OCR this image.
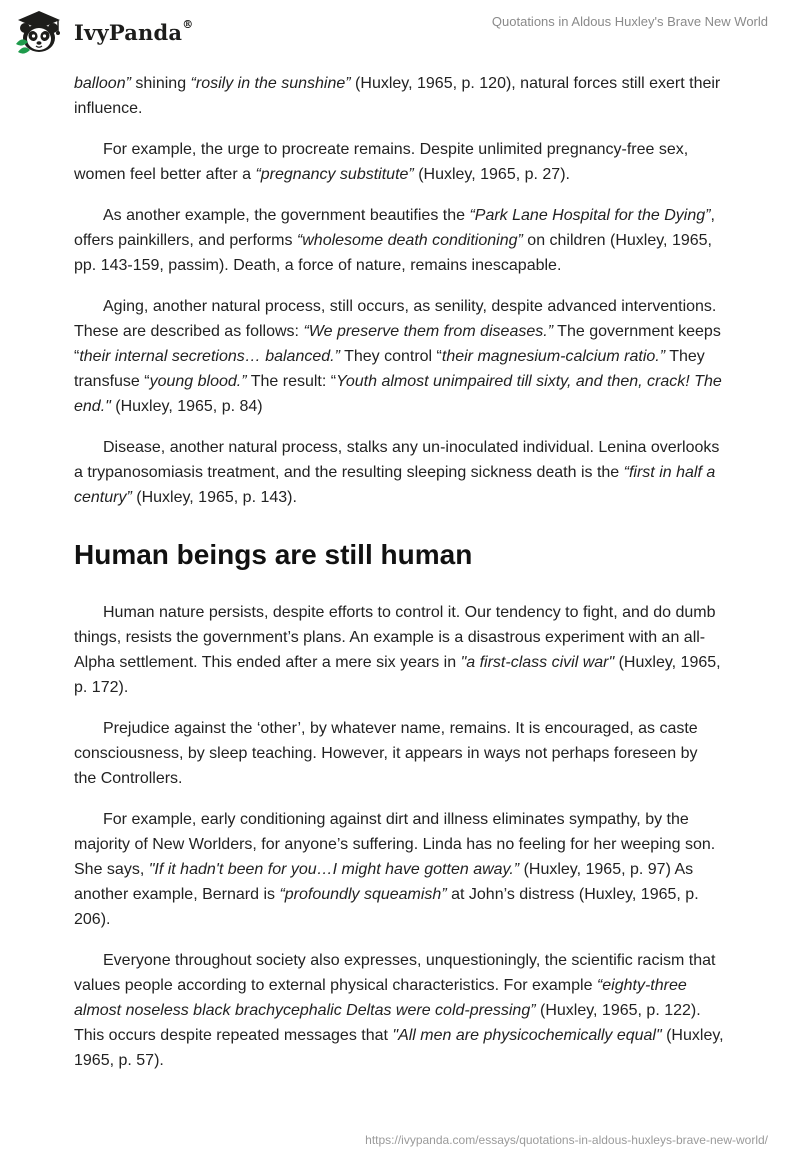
IvyPanda®	Quotations in Aldous Huxley's Brave New World

balloon” shining “rosily in the sunshine” (Huxley, 1965, p. 120), natural forces still exert their influence.

For example, the urge to procreate remains. Despite unlimited pregnancy-free sex, women feel better after a “pregnancy substitute” (Huxley, 1965, p. 27).

As another example, the government beautifies the “Park Lane Hospital for the Dying”, offers painkillers, and performs “wholesome death conditioning” on children (Huxley, 1965, pp. 143-159, passim). Death, a force of nature, remains inescapable.

Aging, another natural process, still occurs, as senility, despite advanced interventions. These are described as follows: “We preserve them from diseases.” The government keeps “their internal secretions… balanced.” They control “their magnesium-calcium ratio.” They transfuse “young blood.” The result: “Youth almost unimpaired till sixty, and then, crack! The end." (Huxley, 1965, p. 84)

Disease, another natural process, stalks any un-inoculated individual. Lenina overlooks a trypanosomiasis treatment, and the resulting sleeping sickness death is the “first in half a century” (Huxley, 1965, p. 143).

Human beings are still human

Human nature persists, despite efforts to control it. Our tendency to fight, and do dumb things, resists the government’s plans. An example is a disastrous experiment with an all-Alpha settlement. This ended after a mere six years in "a first-class civil war" (Huxley, 1965, p. 172).

Prejudice against the ‘other’, by whatever name, remains. It is encouraged, as caste consciousness, by sleep teaching. However, it appears in ways not perhaps foreseen by the Controllers.

For example, early conditioning against dirt and illness eliminates sympathy, by the majority of New Worlders, for anyone’s suffering. Linda has no feeling for her weeping son. She says, "If it hadn't been for you…I might have gotten away.” (Huxley, 1965, p. 97) As another example, Bernard is “profoundly squeamish” at John’s distress (Huxley, 1965, p. 206).

Everyone throughout society also expresses, unquestioningly, the scientific racism that values people according to external physical characteristics. For example “eighty-three almost noseless black brachycephalic Deltas were cold-pressing” (Huxley, 1965, p. 122). This occurs despite repeated messages that "All men are physicochemically equal" (Huxley, 1965, p. 57).

https://ivypanda.com/essays/quotations-in-aldous-huxleys-brave-new-world/
